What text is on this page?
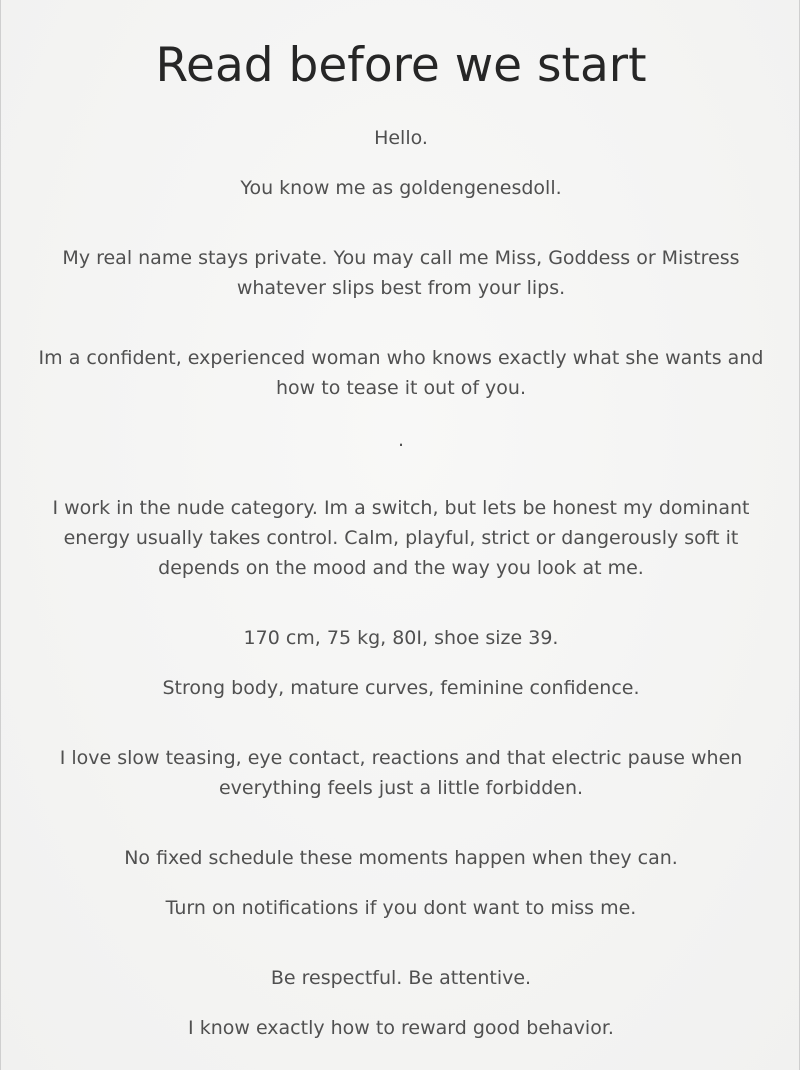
Read before we start

Hello.

You know me as goldengenesdoll.

My real name stays private. You may call me Miss, Goddess or Mistress whatever slips best from your lips.

Im a confident, experienced woman who knows exactly what she wants and how to tease it out of you.

.

I work in the nude category. Im a switch, but lets be honest my dominant energy usually takes control. Calm, playful, strict or dangerously soft it depends on the mood and the way you look at me.

170 cm, 75 kg, 80I, shoe size 39.

Strong body, mature curves, feminine confidence.

I love slow teasing, eye contact, reactions and that electric pause when everything feels just a little forbidden.

No fixed schedule these moments happen when they can.

Turn on notifications if you dont want to miss me.

Be respectful. Be attentive.

I know exactly how to reward good behavior.
